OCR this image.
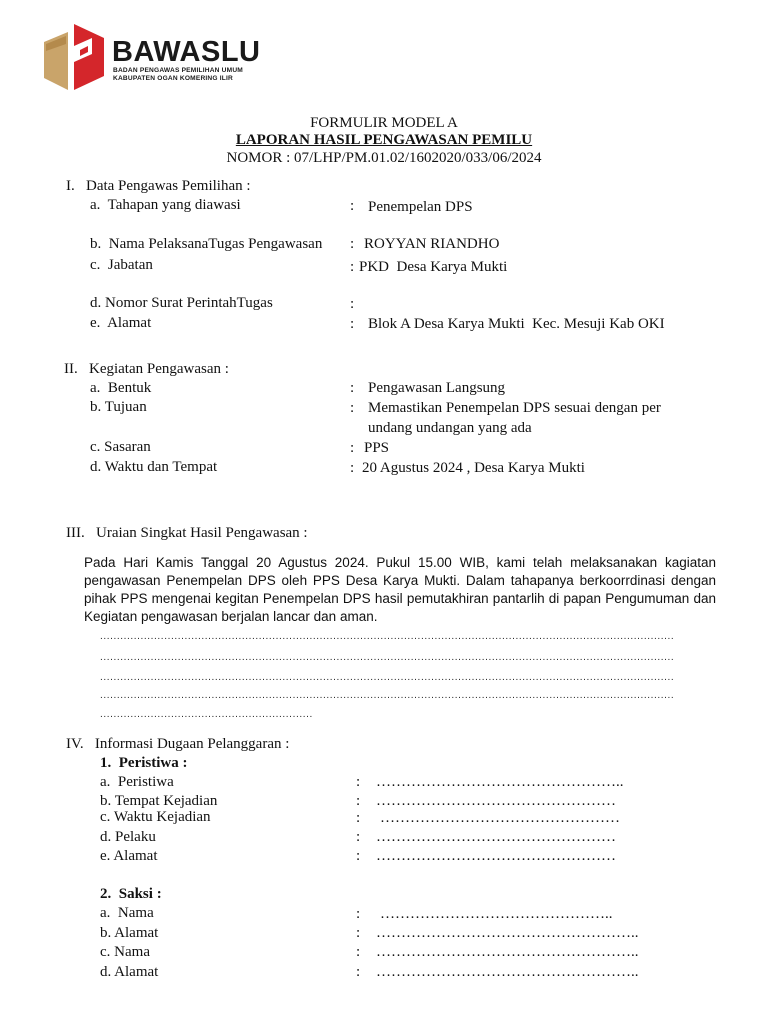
BAWASLU
BADAN PENGAWAS PEMILIHAN UMUM
KABUPATEN OGAN KOMERING ILIR
FORMULIR MODEL A
LAPORAN HASIL PENGAWASAN PEMILU
NOMOR : 07/LHP/PM.01.02/1602020/033/06/2024
I.   Data Pengawas Pemilihan :
a.  Tahapan yang diawasi	: Penempelan DPS
b.  Nama PelaksanaTugas Pengawasan : ROYYAN RIANDHO
c.  Jabatan	: PKD  Desa Karya Mukti
d. Nomor Surat PerintahTugas	:
e.  Alamat	: Blok A Desa Karya Mukti  Kec. Mesuji Kab OKI
II.   Kegiatan Pengawasan :
a.  Bentuk	: Pengawasan Langsung
b. Tujuan	: Memastikan Penempelan DPS sesuai dengan per
undang undangan yang ada
c. Sasaran	: PPS
d. Waktu dan Tempat	: 20 Agustus 2024 , Desa Karya Mukti
III.   Uraian Singkat Hasil Pengawasan :
Pada Hari Kamis Tanggal 20 Agustus 2024. Pukul 15.00 WIB, kami telah melaksanakan kagiatan pengawasan Penempelan DPS oleh PPS Desa Karya Mukti. Dalam tahapanya berkoorrdinasi dengan pihak PPS mengenai kegitan Penempelan DPS hasil pemutakhiran pantarlih di papan Pengumuman dan Kegiatan pengawasan berjalan lancar dan aman.
..........................................................................................................................................................................
..........................................................................................................................................................................
..........................................................................................................................................................................
..........................................................................................................................................................................
...............................................................
IV.   Informasi Dugaan Pelanggaran :
1.  Peristiwa :
a.  Peristiwa	: …………………………………………..
b. Tempat Kejadian	: …………………………………………
c. Waktu Kejadian	: …………………………………………
d. Pelaku	: …………………………………………
e. Alamat	: …………………………………………
2.  Saksi :
a.  Nama	: ………………………………………..
b. Alamat	: ……………………………………………..
c. Nama	: ……………………………………………..
d. Alamat	: ……………………………………………..
